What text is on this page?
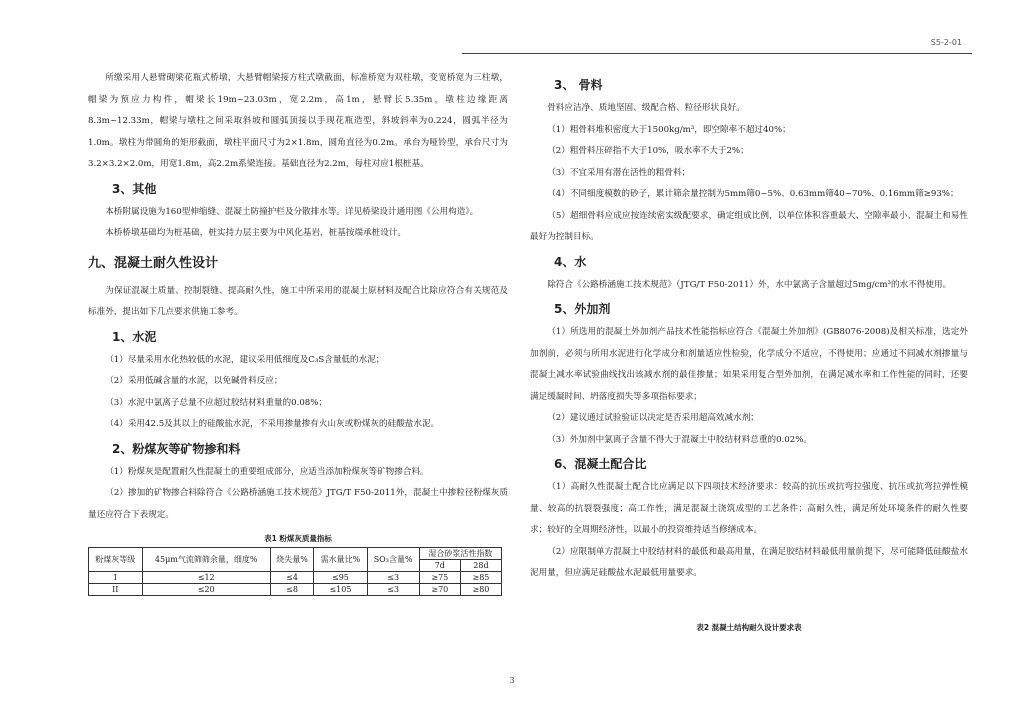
S5-2-01

所缴采用人悬臂砌梁花瓶式桥墩，大悬臂帽梁接方柱式墩截面，标准桥宽为双柱墩，变宽桥宽为三柱墩，帽梁为预应力构件，帽梁长19m~23.03m，宽2.2m，高1m，悬臂长5.35m，墩柱边缘距离8.3m~12.33m，帽梁与墩柱之间采取斜坡和圆弧顶接以手现花瓶造型，斜坡斜率为0.224，圆弧半径为1.0m。墩柱为带圆角的矩形截面，墩柱平面尺寸为2×1.8m，圆角直径为0.2m。承台为哑铃型，承台尺寸为3.2×3.2×2.0m，用宽1.8m，高2.2m系梁连接。基础直径为2.2m，每柱对应1根桩基。

3、其他

本桥附属设施为160型伸缩缝、混凝土防撞护栏及分散排水等。详见桥梁设计通用图《公用构造》。

本桥桥墩基础均为桩基础，桩实持力层主要为中风化基岩，桩基按端承桩设计。

九、混凝土耐久性设计

为保证混凝土质量、控制裂缝、提高耐久性，施工中所采用的混凝土原材料及配合比除应符合有关规范及标准外，提出如下几点要求供施工参考。

1、水泥

（1）尽量采用水化热较低的水泥，建议采用低细度及C₃S含量低的水泥；

（2）采用低碱含量的水泥，以免碱骨料反应；

（3）水泥中氯离子总量不应超过胶结材料重量的0.08%；

（4）采用42.5及其以上的硅酸盐水泥，不采用掺量掺有火山灰或粉煤灰的硅酸盐水泥。

2、粉煤灰等矿物掺和料

（1）粉煤灰是配置耐久性混凝土的重要组成部分，应适当添加粉煤灰等矿物掺合料。

（2）掺加的矿物掺合料除符合《公路桥涵施工技术规范》JTG/T F50-2011外，混凝土中掺粒径粉煤灰质量还应符合下表规定。

表1 粉煤灰质量指标
粉煤灰等级	45μm气流筛筛余量，细度%	烧失量%	需水量比%	SO₃含量%	湿合砂浆活性指数	
					7d	28d
I	≤12	≤4	≤95	≤3	≥75	≥85
II	≤20	≤8	≤105	≤3	≥70	≥80
3、 骨料

骨料应洁净、质地坚固、级配合格、粒径形状良好。

（1）粗骨料堆积密度大于1500kg/m³，即空隙率不超过40%；

（2）粗骨料压碎指不大于10%，吸水率不大于2%；

（3）不宜采用有潜在活性的粗骨料；

（4）不同细度模数的砂子，累计筛余量控制为5mm筛0~5%、0.63mm筛40~70%、0.16mm筛≥93%；

（5）超细骨料应成应按连续密实级配要求，确定组成比例，以单位体积容重最大、空隙率最小、混凝土和易性最好为控制目标。

4、水

除符合《公路桥涵施工技术规范》（JTG/T F50-2011）外，水中氯离子含量超过5mg/cm³的水不得使用。

5、外加剂

（1）所选用的混凝土外加剂产品技术性能指标应符合《混凝土外加剂》(GB8076-2008)及相关标准，选定外加剂前，必须与所用水泥进行化学成分和剂量适应性检验，化学成分不适应，不得使用；应通过不同减水剂掺量与混凝土减水率试验曲线找出该减水剂的最佳掺量；如果采用复合型外加剂，在满足减水率和工作性能的同时，还要满足缓凝时间、坍落度损失等多项指标要求；

（2）建议通过试验验证以决定是否采用超高效减水剂；

（3）外加剂中氯离子含量不得大于混凝土中胶结材料总重的0.02%。

6、混凝土配合比

（1）高耐久性混凝土配合比应满足以下四项技术经济要求：较高的抗压或抗弯拉强度、抗压或抗弯拉弹性模量、较高的抗裂裂强度；高工作性，满足混凝土浇筑成型的工艺条件；高耐久性，满足所处环境条件的耐久性要求；较好的全周期经济性，以最小的投资维持适当修缮成本。

（2）应限制单方混凝土中胶结材料的最低和最高用量，在满足胶结材料最低用量前提下，尽可能降低硅酸盐水泥用量，但应满足硅酸盐水泥最低用量要求。

表2 混凝土结构耐久设计要求表
3
